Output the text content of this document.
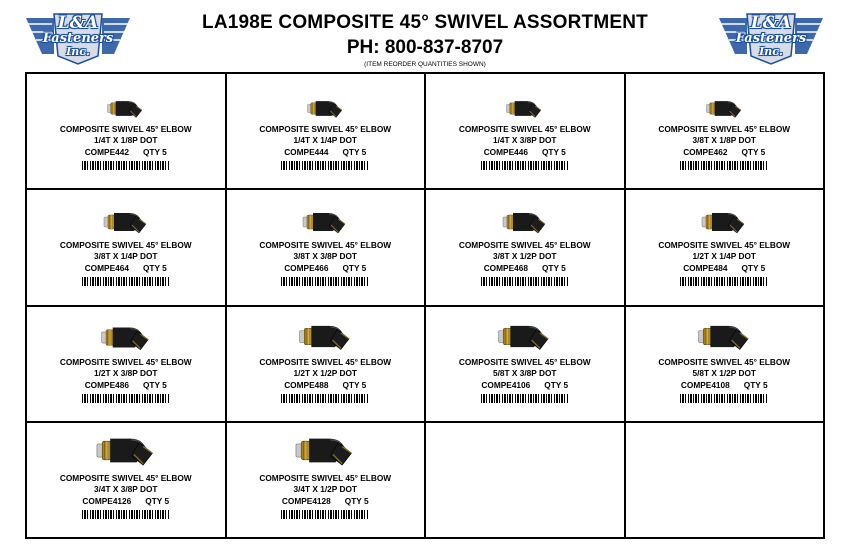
L&A
Fasteners
Inc.
LA198E COMPOSITE 45° SWIVEL ASSORTMENT
PH: 800-837-8707
(ITEM REORDER QUANTITIES SHOWN)
L&A
Fasteners
Inc.
COMPOSITE SWIVEL 45° ELBOW
1/4T X 1/8P DOT
COMPE442 QTY 5
COMPOSITE SWIVEL 45° ELBOW
1/4T X 1/4P DOT
COMPE444 QTY 5
COMPOSITE SWIVEL 45° ELBOW
1/4T X 3/8P DOT
COMPE446 QTY 5
COMPOSITE SWIVEL 45° ELBOW
3/8T X 1/8P DOT
COMPE462 QTY 5
COMPOSITE SWIVEL 45° ELBOW
3/8T X 1/4P DOT
COMPE464 QTY 5
COMPOSITE SWIVEL 45° ELBOW
3/8T X 3/8P DOT
COMPE466 QTY 5
COMPOSITE SWIVEL 45° ELBOW
3/8T X 1/2P DOT
COMPE468 QTY 5
COMPOSITE SWIVEL 45° ELBOW
1/2T X 1/4P DOT
COMPE484 QTY 5
COMPOSITE SWIVEL 45° ELBOW
1/2T X 3/8P DOT
COMPE486 QTY 5
COMPOSITE SWIVEL 45° ELBOW
1/2T X 1/2P DOT
COMPE488 QTY 5
COMPOSITE SWIVEL 45° ELBOW
5/8T X 3/8P DOT
COMPE4106 QTY 5
COMPOSITE SWIVEL 45° ELBOW
5/8T X 1/2P DOT
COMPE4108 QTY 5
COMPOSITE SWIVEL 45° ELBOW
3/4T X 3/8P DOT
COMPE4126 QTY 5
COMPOSITE SWIVEL 45° ELBOW
3/4T X 1/2P DOT
COMPE4128 QTY 5
